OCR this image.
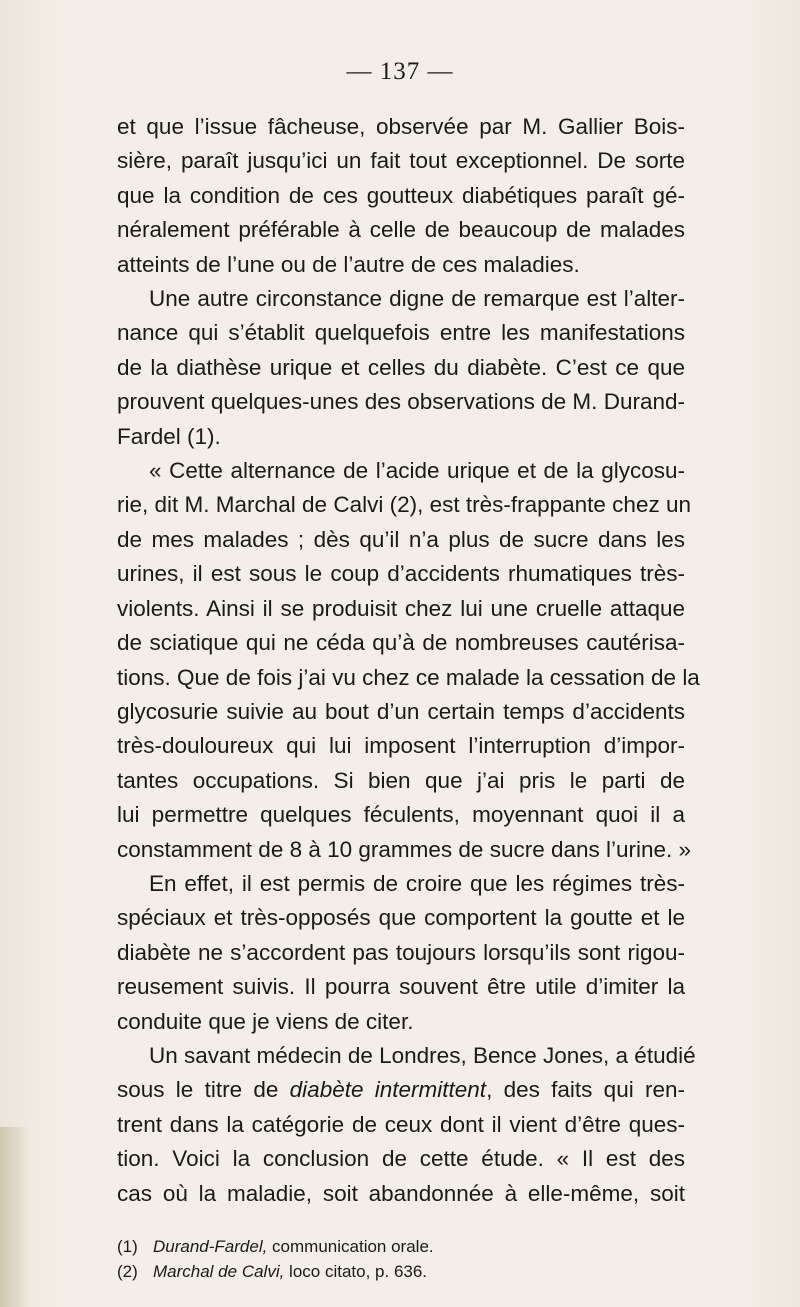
— 137 —

et que l’issue fâcheuse, observée par M. Gallier Bois-
sière, paraît jusqu’ici un fait tout exceptionnel. De sorte
que la condition de ces goutteux diabétiques paraît gé-
néralement préférable à celle de beaucoup de malades
atteints de l’une ou de l’autre de ces maladies.
Une autre circonstance digne de remarque est l’alter-
nance qui s’établit quelquefois entre les manifestations
de la diathèse urique et celles du diabète. C’est ce que
prouvent quelques-unes des observations de M. Durand-
Fardel (1).
« Cette alternance de l’acide urique et de la glycosu-
rie, dit M. Marchal de Calvi (2), est très-frappante chez un
de mes malades ; dès qu’il n’a plus de sucre dans les
urines, il est sous le coup d’accidents rhumatiques très-
violents. Ainsi il se produisit chez lui une cruelle attaque
de sciatique qui ne céda qu’à de nombreuses cautérisa-
tions. Que de fois j’ai vu chez ce malade la cessation de la
glycosurie suivie au bout d’un certain temps d’accidents
très-douloureux qui lui imposent l’interruption d’impor-
tantes occupations. Si bien que j’ai pris le parti de
lui permettre quelques féculents, moyennant quoi il a
constamment de 8 à 10 grammes de sucre dans l’urine. »
En effet, il est permis de croire que les régimes très-
spéciaux et très-opposés que comportent la goutte et le
diabète ne s’accordent pas toujours lorsqu’ils sont rigou-
reusement suivis. Il pourra souvent être utile d’imiter la
conduite que je viens de citer.
Un savant médecin de Londres, Bence Jones, a étudié
sous le titre de diabète intermittent, des faits qui ren-
trent dans la catégorie de ceux dont il vient d’être ques-
tion. Voici la conclusion de cette étude. « Il est des
cas où la maladie, soit abandonnée à elle-même, soit

(1) Durand-Fardel, communication orale.
(2) Marchal de Calvi, loco citato, p. 636.
